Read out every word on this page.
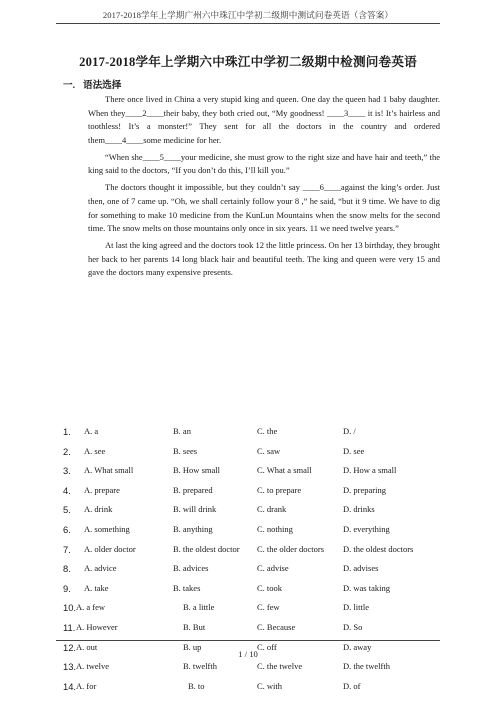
2017-2018学年上学期广州六中珠江中学初二级期中测试问卷英语（含答案）
2017-2018学年上学期六中珠江中学初二级期中检测问卷英语
一. 语法选择

There once lived in China a very stupid king and queen. One day the queen had 1 baby daughter. When they____2____their baby, they both cried out, “My goodness! ____3____ it is! It’s hairless and toothless! It’s a monster!” They sent for all the doctors in the country and ordered them____4____some medicine for her.

“When she____5____your medicine, she must grow to the right size and have hair and teeth,” the king said to the doctors, “If you don’t do this, I’ll kill you.”

The doctors thought it impossible, but they couldn’t say ____6____against the king’s order. Just then, one of 7 came up. “Oh, we shall certainly follow your 8 ,” he said, “but it 9 time. We have to dig for something to make 10 medicine from the KunLun Mountains when the snow melts for the second time. The snow melts on those mountains only once in six years. 11 we need twelve years.”

At last the king agreed and the doctors took 12 the little princess. On her 13 birthday, they brought her back to her parents 14 long black hair and beautiful teeth. The king and queen were very 15 and gave the doctors many expensive presents.

1. A. a	B. an	C. the	D. /
2. A. see	B. sees	C. saw	D. see
3. A. What small	B. How small	C. What a small	D. How a small
4. A. prepare	B. prepared	C. to prepare	D. preparing
5. A. drink	B. will drink	C. drank	D. drinks
6. A. something	B. anything	C. nothing	D. everything
7. A. older doctor	B. the oldest doctor C. the older doctors D. the oldest doctors
8. A. advice	B. advices	C. advise	D. advises
9. A. take	B. takes	C. took	D. was taking
10. A. a few	B. a little	C. few	D. little
11. A. However	B. But	C. Because	D. So
12. A. out	B. up	C. off	D. away
13. A. twelve	B. twelfth	C. the twelve	D. the twelfth
14. A. for	B. to	C. with	D. of
1 / 10
